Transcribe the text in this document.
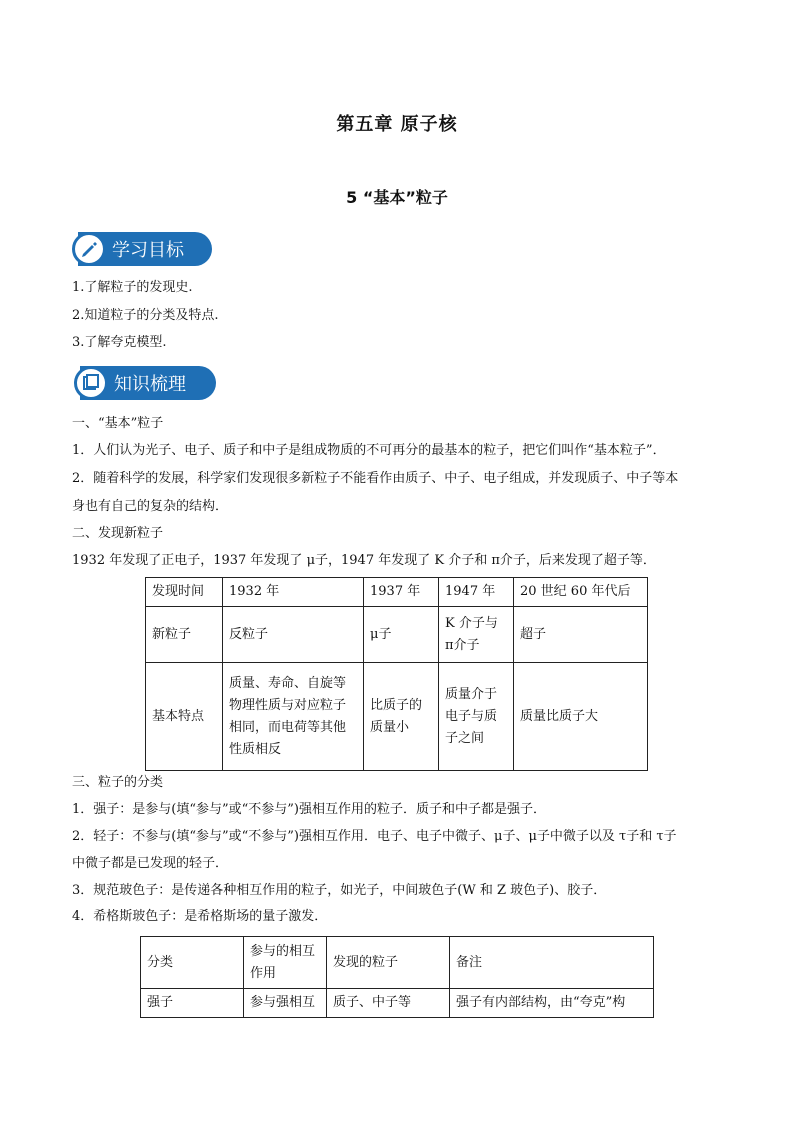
第五章 原子核
5 “基本”粒子
学习目标
1.了解粒子的发现史.
2.知道粒子的分类及特点.
3.了解夸克模型.
知识梳理
一、“基本”粒子
1．人们认为光子、电子、质子和中子是组成物质的不可再分的最基本的粒子，把它们叫作“基本粒子”．
2．随着科学的发展，科学家们发现很多新粒子不能看作由质子、中子、电子组成，并发现质子、中子等本
身也有自己的复杂的结构．
二、发现新粒子
1932 年发现了正电子，1937 年发现了 μ子，1947 年发现了 K 介子和 π介子，后来发现了超子等．
发现时间	1932 年	1937 年	1947 年	20 世纪 60 年代后
新粒子	反粒子	μ子	K 介子与 π介子	超子
基本特点	质量、寿命、自旋等物理性质与对应粒子相同，而电荷等其他性质相反	比质子的质量小	质量介于电子与质子之间	质量比质子大
三、粒子的分类
1．强子：是参与(填“参与”或“不参与”)强相互作用的粒子．质子和中子都是强子．
2．轻子：不参与(填“参与”或“不参与”)强相互作用．电子、电子中微子、μ子、μ子中微子以及 τ子和 τ子
中微子都是已发现的轻子．
3．规范玻色子：是传递各种相互作用的粒子，如光子，中间玻色子(W 和 Z 玻色子)、胶子．
4．希格斯玻色子：是希格斯场的量子激发．
分类	参与的相互作用	发现的粒子	备注
强子	参与强相互	质子、中子等	强子有内部结构，由“夸克”构
